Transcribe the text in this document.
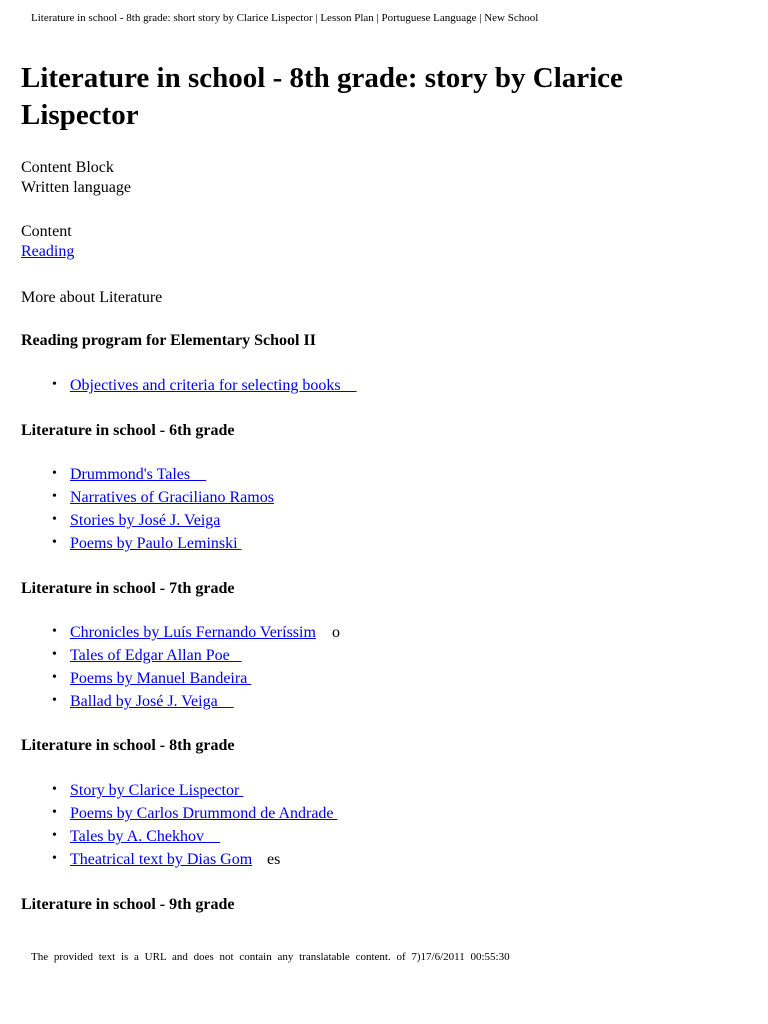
Literature in school - 8th grade: short story by Clarice Lispector | Lesson Plan | Portuguese Language | New School
Literature in school - 8th grade: story by Clarice Lispector
Content Block
Written language
Content
Reading
More about Literature
Reading program for Elementary School II
• Objectives and criteria for selecting books
Literature in school - 6th grade
• Drummond's Tales
• Narratives of Graciliano Ramos
• Stories by José J. Veiga
• Poems by Paulo Leminski
Literature in school - 7th grade
• Chronicles by Luís Fernando Veríssim o
• Tales of Edgar Allan Poe
• Poems by Manuel Bandeira
• Ballad by José J. Veiga
Literature in school - 8th grade
• Story by Clarice Lispector
• Poems by Carlos Drummond de Andrade
• Tales by A. Chekhov
• Theatrical text by Dias Gom es
Literature in school - 9th grade
The provided text is a URL and does not contain any translatable content. of 7)17/6/2011 00:55:30
